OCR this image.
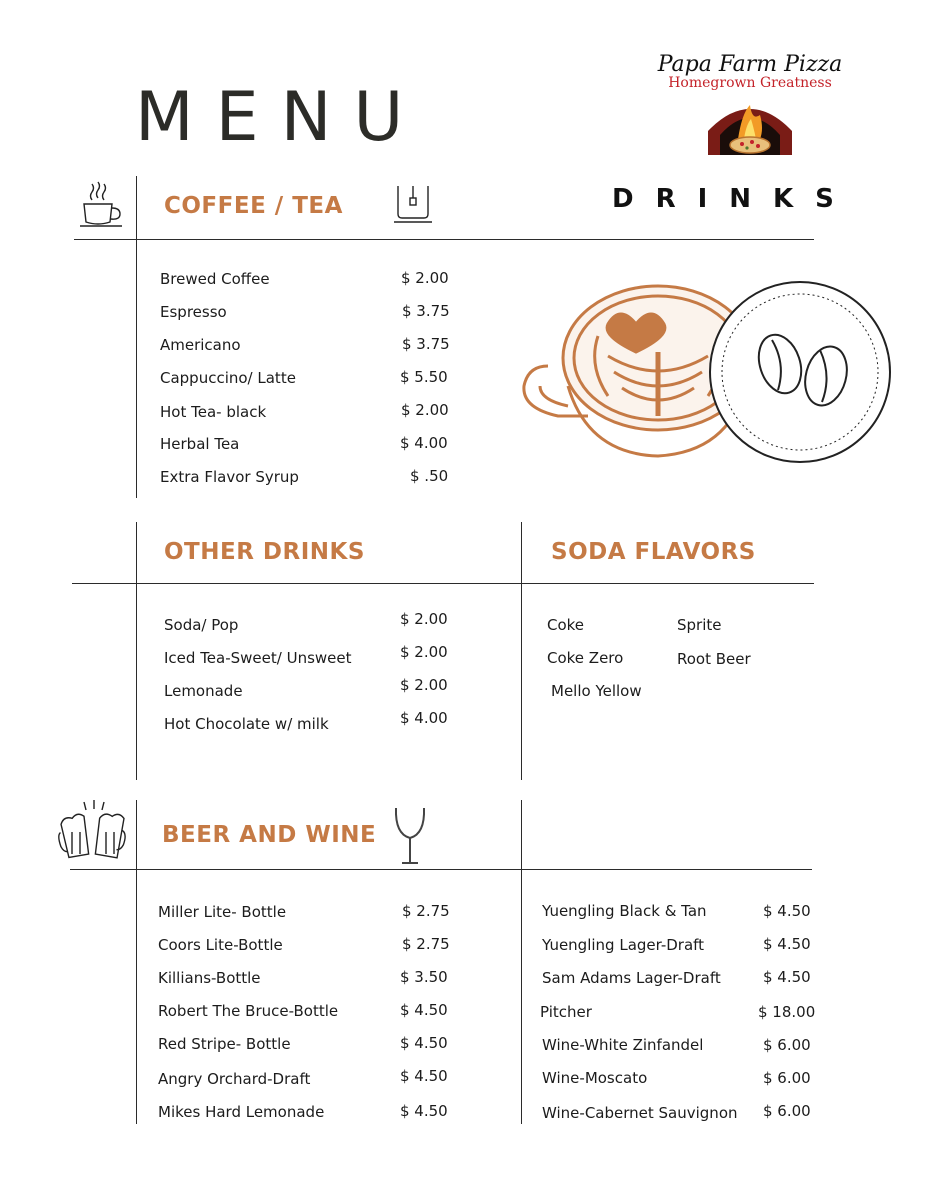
MENU
Papa Farm Pizza
Homegrown Greatness
DRINKS
COFFEE / TEA
Brewed Coffee	$ 2.00
Espresso	$ 3.75
Americano	$ 3.75
Cappuccino/ Latte	$ 5.50
Hot Tea- black	$ 2.00
Herbal Tea	$ 4.00
Extra Flavor Syrup	$ .50
OTHER DRINKS	SODA FLAVORS
Soda/ Pop	$ 2.00
Iced Tea-Sweet/ Unsweet	$ 2.00
Lemonade	$ 2.00
Hot Chocolate w/ milk	$ 4.00
Coke	Sprite
Coke Zero	Root Beer
Mello Yellow
BEER AND WINE
Miller Lite- Bottle	$ 2.75
Coors Lite-Bottle	$ 2.75
Killians-Bottle	$ 3.50
Robert The Bruce-Bottle	$ 4.50
Red Stripe- Bottle	$ 4.50
Angry Orchard-Draft	$ 4.50
Mikes Hard Lemonade	$ 4.50
Yuengling Black & Tan	$ 4.50
Yuengling Lager-Draft	$ 4.50
Sam Adams Lager-Draft	$ 4.50
Pitcher	$ 18.00
Wine-White Zinfandel	$ 6.00
Wine-Moscato	$ 6.00
Wine-Cabernet Sauvignon $ 6.00
